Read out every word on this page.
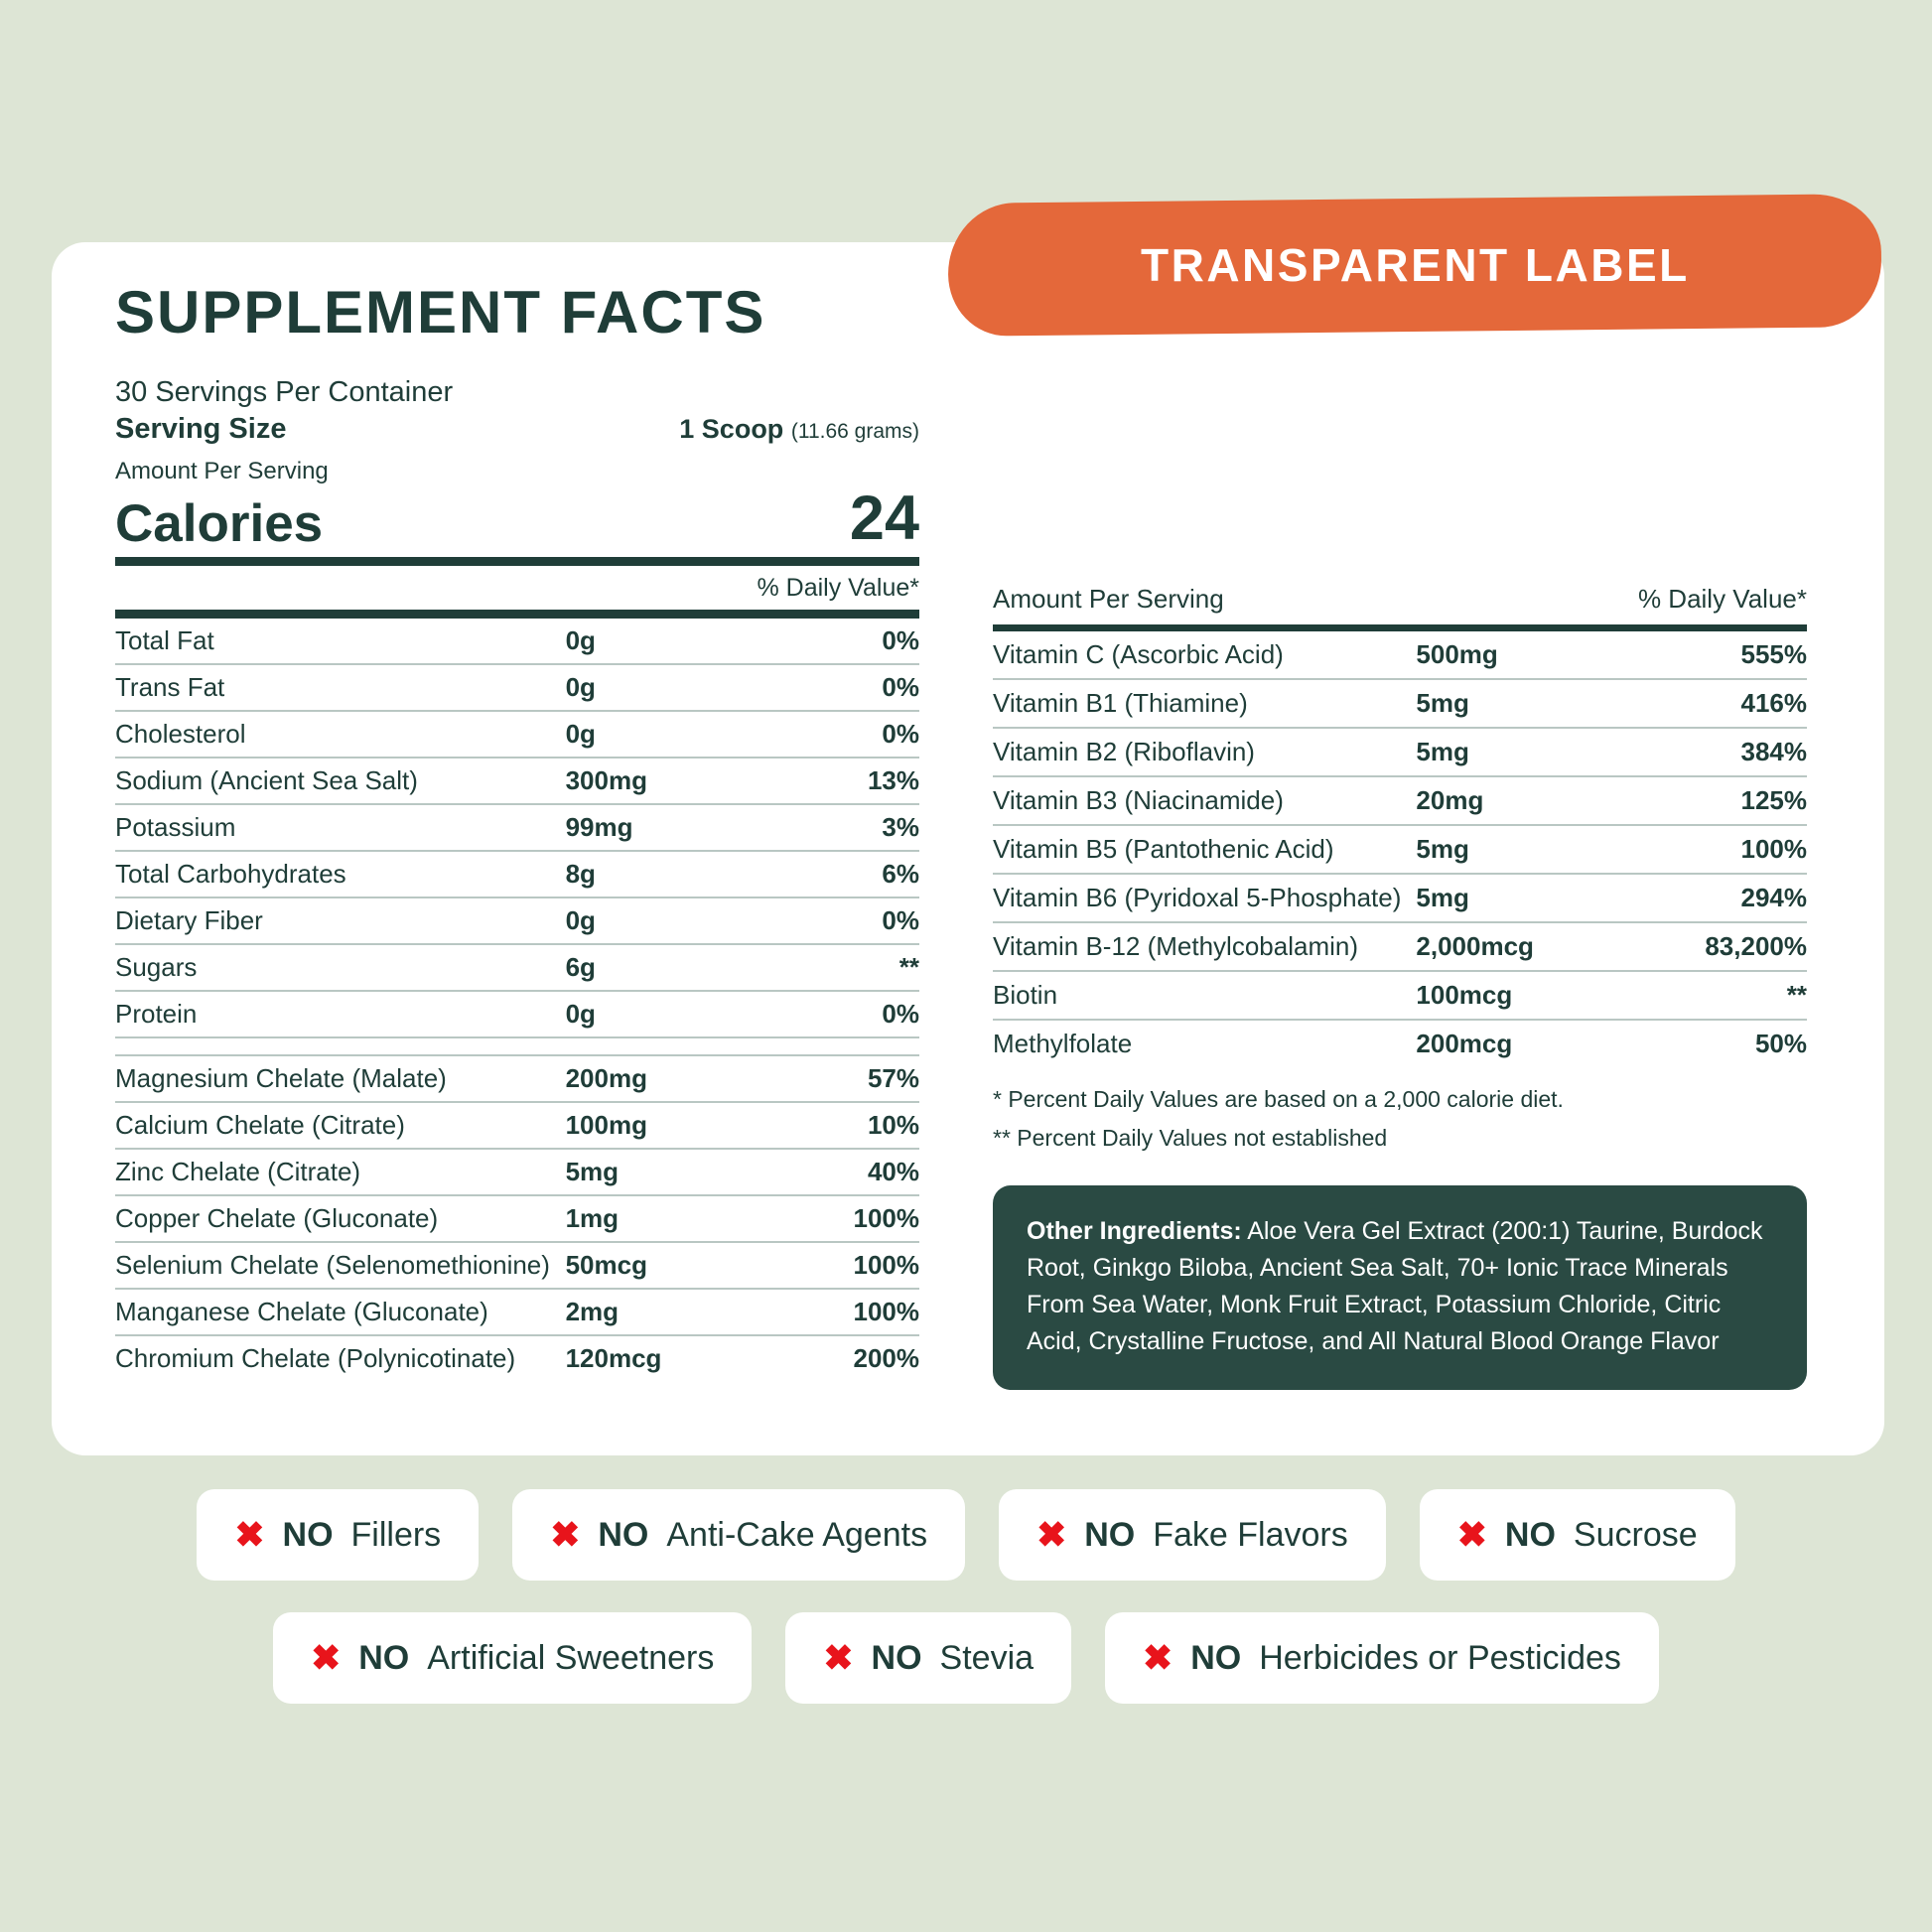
TRANSPARENT LABEL
SUPPLEMENT FACTS
30 Servings Per Container
Serving Size	1 Scoop (11.66 grams)
Amount Per Serving
Calories	24
% Daily Value*
Total Fat	0g	0%
Trans Fat	0g	0%
Cholesterol	0g	0%
Sodium (Ancient Sea Salt)	300mg	13%
Potassium	99mg	3%
Total Carbohydrates	8g	6%
Dietary Fiber	0g	0%
Sugars	6g	**
Protein	0g	0%

Magnesium Chelate (Malate)	200mg	57%
Calcium Chelate (Citrate)	100mg	10%
Zinc Chelate (Citrate)	5mg	40%
Copper Chelate (Gluconate)	1mg	100%
Selenium Chelate (Selenomethionine)	50mcg	100%
Manganese Chelate (Gluconate)	2mg	100%
Chromium Chelate (Polynicotinate)	120mcg	200%
Amount Per Serving	% Daily Value*
Vitamin C (Ascorbic Acid)	500mg	555%
Vitamin B1 (Thiamine)	5mg	416%
Vitamin B2 (Riboflavin)	5mg	384%
Vitamin B3 (Niacinamide)	20mg	125%
Vitamin B5 (Pantothenic Acid)	5mg	100%
Vitamin B6 (Pyridoxal 5-Phosphate)	5mg	294%
Vitamin B-12 (Methylcobalamin)	2,000mcg	83,200%
Biotin	100mcg	**
Methylfolate	200mcg	50%
* Percent Daily Values are based on a 2,000 calorie diet.
** Percent Daily Values not established
Other Ingredients: Aloe Vera Gel Extract (200:1) Taurine, Burdock Root, Ginkgo Biloba, Ancient Sea Salt, 70+ Ionic Trace Minerals From Sea Water, Monk Fruit Extract, Potassium Chloride, Citric Acid, Crystalline Fructose, and All Natural Blood Orange Flavor
✖ NO Fillers	✖ NO Anti-Cake Agents	✖ NO Fake Flavors	✖ NO Sucrose
✖ NO Artificial Sweetners	✖ NO Stevia	✖ NO Herbicides or Pesticides
